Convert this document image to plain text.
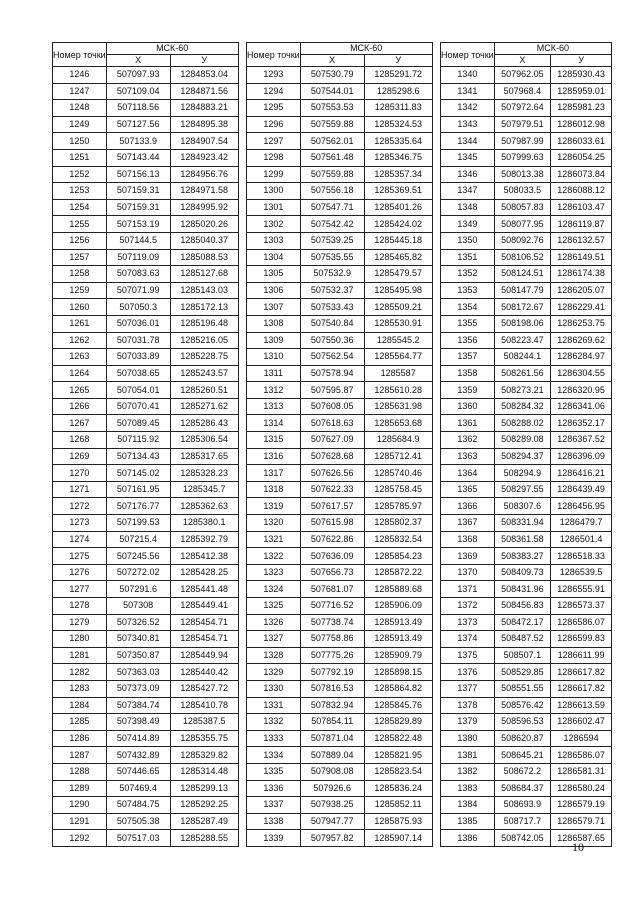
Номер точки	МСК-60	
	X	У
1246	507097.93	1284853.04
1247	507109.04	1284871.56
1248	507118.56	1284883.21
1249	507127.56	1284895.38
1250	507133.9	1284907.54
1251	507143.44	1284923.42
1252	507156.13	1284956.76
1253	507159.31	1284971.58
1254	507159.31	1284995.92
1255	507153.19	1285020.26
1256	507144.5	1285040.37
1257	507119.09	1285088.53
1258	507083.63	1285127.68
1259	507071.99	1285143.03
1260	507050.3	1285172.13
1261	507036.01	1285196.48
1262	507031.78	1285216.05
1263	507033.89	1285228.75
1264	507038.65	1285243.57
1265	507054.01	1285260.51
1266	507070.41	1285271.62
1267	507089.45	1285286.43
1268	507115.92	1285306.54
1269	507134.43	1285317.65
1270	507145.02	1285328.23
1271	507161.95	1285345.7
1272	507176.77	1285362.63
1273	507199.53	1285380.1
1274	507215.4	1285392.79
1275	507245.56	1285412.38
1276	507272.02	1285428.25
1277	507291.6	1285441.48
1278	507308	1285449.41
1279	507326.52	1285454.71
1280	507340.81	1285454.71
1281	507350.87	1285449.94
1282	507363.03	1285440.42
1283	507373.09	1285427.72
1284	507384.74	1285410.78
1285	507398.49	1285387.5
1286	507414.89	1285355.75
1287	507432.89	1285329.82
1288	507446.65	1285314.48
1289	507469.4	1285299.13
1290	507484.75	1285292.25
1291	507505.38	1285287.49
1292	507517.03	1285288.55
Номер точки	МСК-60	
	X	У
1293	507530.79	1285291.72
1294	507544.01	1285298.6
1295	507553.53	1285311.83
1296	507559.88	1285324.53
1297	507562.01	1285335.64
1298	507561.48	1285346.75
1299	507559.88	1285357.34
1300	507556.18	1285369.51
1301	507547.71	1285401.26
1302	507542.42	1285424.02
1303	507539.25	1285445.18
1304	507535.55	1285465.82
1305	507532.9	1285479.57
1306	507532.37	1285495.98
1307	507533.43	1285509.21
1308	507540.84	1285530.91
1309	507550.36	1285545.2
1310	507562.54	1285564.77
1311	507578.94	1285587
1312	507595.87	1285610.28
1313	507608.05	1285631.98
1314	507618.63	1285653.68
1315	507627.09	1285684.9
1316	507628.68	1285712.41
1317	507626.56	1285740.46
1318	507622.33	1285758.45
1319	507617.57	1285785.97
1320	507615.98	1285802.37
1321	507622.86	1285832.54
1322	507636.09	1285854.23
1323	507656.73	1285872.22
1324	507681.07	1285889.68
1325	507716.52	1285906.09
1326	507738.74	1285913.49
1327	507758.86	1285913.49
1328	507775.26	1285909.79
1329	507792.19	1285898.15
1330	507816.53	1285864.82
1331	507832.94	1285845.76
1332	507854.11	1285829.89
1333	507871.04	1285822.48
1334	507889.04	1285821.95
1335	507908.08	1285823.54
1336	507926.6	1285836.24
1337	507938.25	1285852.11
1338	507947.77	1285875.93
1339	507957.82	1285907.14
Номер точки	МСК-60	
	X	У
1340	507962.05	1285930.43
1341	507968.4	1285959.01
1342	507972.64	1285981.23
1343	507979.51	1286012.98
1344	507987.99	1286033.61
1345	507999.63	1286054.25
1346	508013.38	1286073.84
1347	508033.5	1286088.12
1348	508057.83	1286103.47
1349	508077.95	1286119.87
1350	508092.76	1286132.57
1351	508106.52	1286149.51
1352	508124.51	1286174.38
1353	508147.79	1286205.07
1354	508172.67	1286229.41
1355	508198.06	1286253.75
1356	508223.47	1286269.62
1357	508244.1	1286284.97
1358	508261.56	1286304.55
1359	508273.21	1286320.95
1360	508284.32	1286341.06
1361	508288.02	1286352.17
1362	508289.08	1286367.52
1363	508294.37	1286396.09
1364	508294.9	1286416.21
1365	508297.55	1286439.49
1366	508307.6	1286456.95
1367	508331.94	1286479.7
1368	508361.58	1286501.4
1369	508383.27	1286518.33
1370	508409.73	1286539.5
1371	508431.96	1286555.91
1372	508456.83	1286573.37
1373	508472.17	1286586.07
1374	508487.52	1286599.83
1375	508507.1	1286611.99
1376	508529.85	1286617.82
1377	508551.55	1286617.82
1378	508576.42	1286613.59
1379	508596.53	1286602.47
1380	508620.87	1286594
1381	508645.21	1286586.07
1382	508672.2	1286581.31
1383	508684.37	1286580.24
1384	508693.9	1286579.19
1385	508717.7	1286579.71
1386	508742.05	1286587.65
10
